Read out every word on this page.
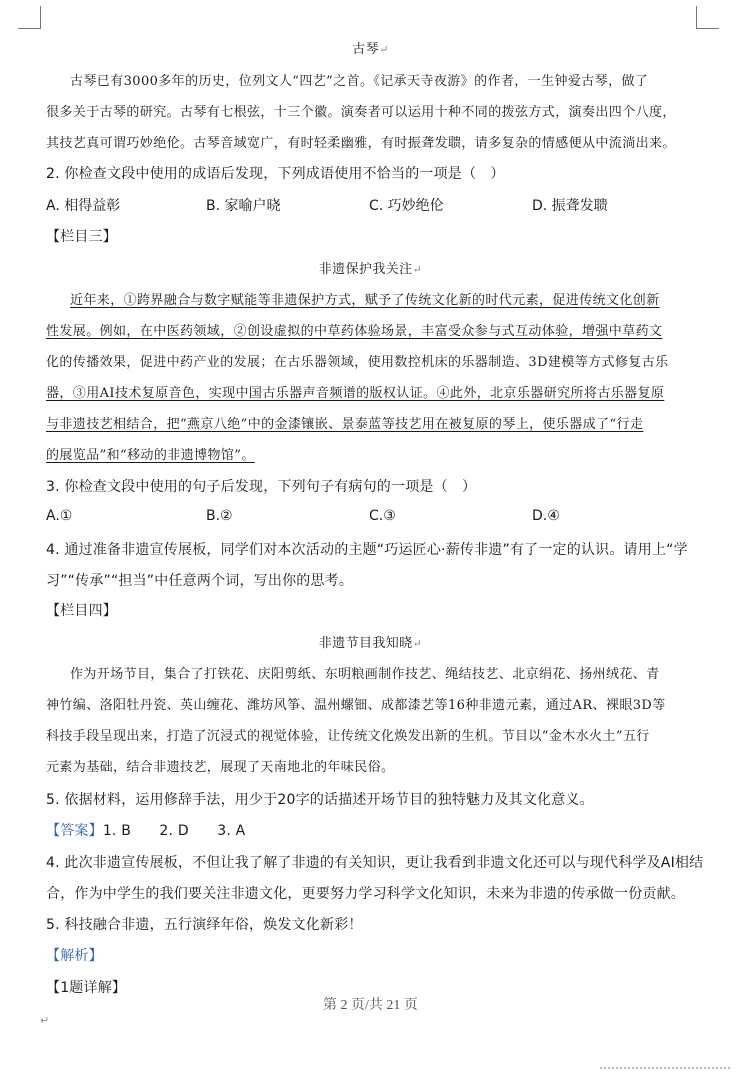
古琴↵
古琴已有3000多年的历史，位列文人“四艺”之首。《记承天寺夜游》的作者，一生钟爱古琴，做了
很多关于古琴的研究。古琴有七根弦，十三个徽。演奏者可以运用十种不同的拨弦方式，演奏出四个八度，
其技艺真可谓巧妙绝伦。古琴音域宽广，有时轻柔幽雅，有时振聋发聩，请多复杂的情感便从中流淌出来。
2. 你检查文段中使用的成语后发现，下列成语使用不恰当的一项是（　）
A. 相得益彰	B. 家喻户晓	C. 巧妙绝伦	D. 振聋发聩
【栏目三】
非遗保护我关注↵
近年来，①跨界融合与数字赋能等非遗保护方式，赋予了传统文化新的时代元素，促进传统文化创新
性发展。例如，在中医药领域，②创设虚拟的中草药体验场景，丰富受众参与式互动体验，增强中草药文
化的传播效果，促进中药产业的发展；在古乐器领域，使用数控机床的乐器制造、3D建模等方式修复古乐
器，③用AI技术复原音色，实现中国古乐器声音频谱的版权认证。④此外，北京乐器研究所将古乐器复原
与非遗技艺相结合，把“燕京八绝”中的金漆镶嵌、景泰蓝等技艺用在被复原的琴上，使乐器成了“行走
的展览品”和“移动的非遗博物馆”。
3. 你检查文段中使用的句子后发现，下列句子有病句的一项是（　）
A.①	B.②	C.③	D.④
4. 通过准备非遗宣传展板，同学们对本次活动的主题“巧运匠心·薪传非遗”有了一定的认识。请用上“学
习”“传承”“担当”中任意两个词，写出你的思考。
【栏目四】
非遗节目我知晓↵
作为开场节目，集合了打铁花、庆阳剪纸、东明粮画制作技艺、绳结技艺、北京绢花、扬州绒花、青
神竹编、洛阳牡丹瓷、英山缠花、潍坊风筝、温州螺钿、成都漆艺等16种非遗元素，通过AR、裸眼3D等
科技手段呈现出来，打造了沉浸式的视觉体验，让传统文化焕发出新的生机。节目以“金木水火土”五行
元素为基础，结合非遗技艺，展现了天南地北的年味民俗。
5. 依据材料，运用修辞手法，用少于20字的话描述开场节目的独特魅力及其文化意义。
【答案】1. B　　2. D　　3. A
4. 此次非遗宣传展板，不但让我了解了非遗的有关知识，更让我看到非遗文化还可以与现代科学及AI相结
合，作为中学生的我们要关注非遗文化，更要努力学习科学文化知识，未来为非遗的传承做一份贡献。
5. 科技融合非遗，五行演绎年俗，焕发文化新彩！
【解析】
【1题详解】
第 2 页/共 21 页
↵
